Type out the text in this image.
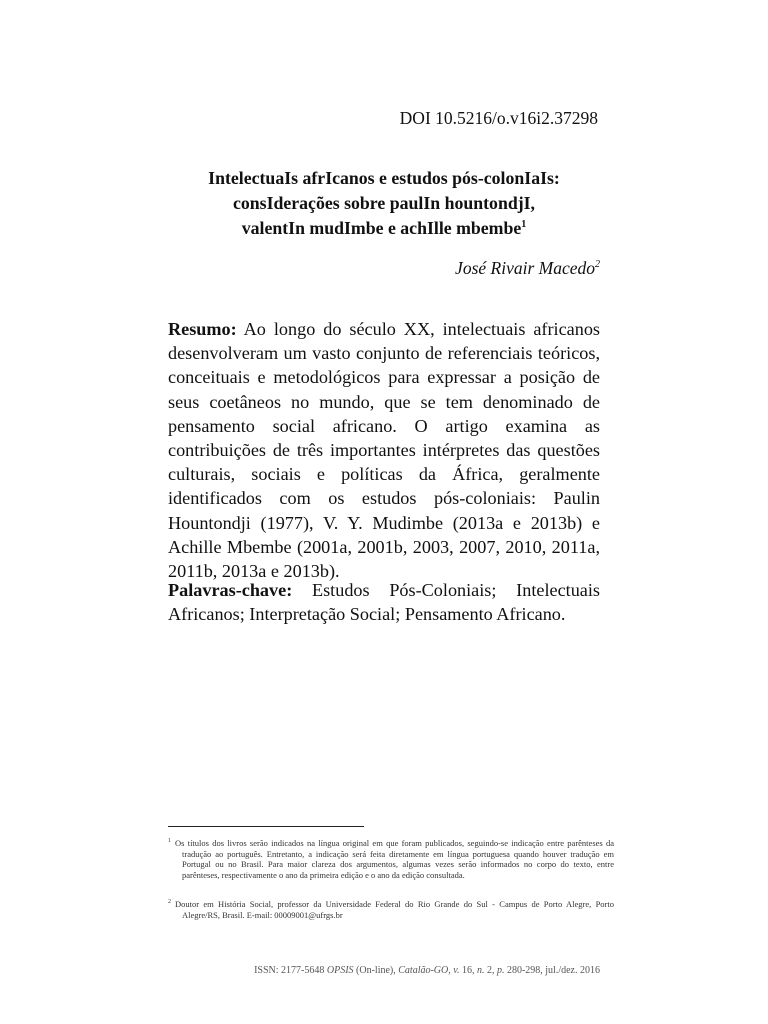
DOI 10.5216/o.v16i2.37298
IntelectuaIs afrIcanos e estudos pós-colonIaIs:
consIderações sobre paulIn hountondjI,
valentIn mudImbe e achIlle mbembe$^1$
José Rivair Macedo$^2$

Resumo: Ao longo do século XX, intelectuais africanos desenvolveram um vasto conjunto de referenciais teóricos, conceituais e metodológicos para expressar a posição de seus coetâneos no mundo, que se tem denominado de pensamento social africano. O artigo examina as contribuições de três importantes intérpretes das questões culturais, sociais e políticas da África, geralmente identificados com os estudos pós-coloniais: Paulin Hountondji (1977), V. Y. Mudimbe (2013a e 2013b) e Achille Mbembe (2001a, 2001b, 2003, 2007, 2010, 2011a, 2011b, 2013a e 2013b).

Palavras-chave: Estudos Pós-Coloniais; Intelectuais Africanos; Interpretação Social; Pensamento Africano.

$^1$ Os títulos dos livros serão indicados na língua original em que foram publicados, seguindo-se indicação entre parênteses da tradução ao português. Entretanto, a indicação será feita diretamente em língua portuguesa quando houver tradução em Portugal ou no Brasil. Para maior clareza dos argumentos, algumas vezes serão informados no corpo do texto, entre parênteses, respectivamente o ano da primeira edição e o ano da edição consultada.
$^2$ Doutor em História Social, professor da Universidade Federal do Rio Grande do Sul - Campus de Porto Alegre, Porto Alegre/RS, Brasil. E-mail: 00009001@ufrgs.br
ISSN: 2177-5648 OPSIS (On-line), Catalão-GO, v. 16, n. 2, p. 280-298, jul./dez. 2016
